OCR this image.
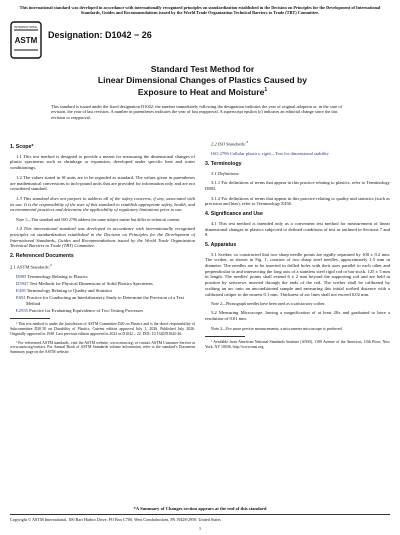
This international standard was developed in accordance with internationally recognized principles on standardization established in the Decision on Principles for the Development of International Standards, Guides and Recommendations issued by the World Trade Organization Technical Barriers to Trade (TBT) Committee.
ASTM
INTERNATIONAL
Designation: D1042 − 26
Standard Test Method for
Linear Dimensional Changes of Plastics Caused by
Exposure to Heat and Moisture$^1$
This standard is issued under the fixed designation D1042; the number immediately following the designation indicates the year of original adoption or, in the case of revision, the year of last revision. A number in parentheses indicates the year of last reapproval. A superscript epsilon (ε) indicates an editorial change since the last revision or reapproval.
1. Scope*

1.1 This test method is designed to provide a means for measuring the dimensional changes of plastic specimens such as shrinkage or expansion, developed under specific heat and water conditionings.

1.2 The values stated in SI units are to be regarded as standard. The values given in parentheses are mathematical conversions to inch-pound units that are provided for information only and are not considered standard.

1.3 This standard does not purport to address all of the safety concerns, if any, associated with its use. It is the responsibility of the user of this standard to establish appropriate safety, health, and environmental practices and determine the applicability of regulatory limitations prior to use.

Note 1—This standard and ISO 2796 address the same subject matter but differ in technical content.

1.4 This international standard was developed in accordance with internationally recognized principles on standardization established in the Decision on Principles for the Development of International Standards, Guides and Recommendations issued by the World Trade Organization Technical Barriers to Trade (TBT) Committee.

2. Referenced Documents

2.1 ASTM Standards:$^2$

D883 Terminology Relating to Plastics
D5947 Test Methods for Physical Dimensions of Solid Plastics Specimens
E456 Terminology Relating to Quality and Statistics
E691 Practice for Conducting an Interlaboratory Study to Determine the Precision of a Test Method
E2935 Practice for Evaluating Equivalence of Two Testing Processes

¹ This test method is under the jurisdiction of ASTM Committee D20 on Plastics and is the direct responsibility of Subcommittee D20.50 on Durability of Plastics. Current edition approved July 1, 2026. Published July 2026. Originally approved in 1949. Last previous edition approved in 2022 as D1042 – 22. DOI: 10.1520/D1042-26.

² For referenced ASTM standards, visit the ASTM website, www.astm.org, or contact ASTM Customer Service at www.astm.org/contact. For Annual Book of ASTM Standards volume information, refer to the standard's Document Summary page on the ASTM website.

2.2 ISO Standards:$^3$

ISO 2796 Cellular plastics, rigid—Test for dimensional stability
3. Terminology

3.1 Definitions:

3.1.1 For definitions of terms that appear in this practice relating to plastics, refer to Terminology D883.

3.1.2 For definitions of terms that appear in this practice relating to quality and statistics (such as precision and bias), refer to Terminology E456.

4. Significance and Use

4.1 This test method is intended only as a convenient test method for measurement of linear dimensional changes in plastics subjected to defined conditions of test as outlined in Sections 7 and 8.

5. Apparatus

5.1 Scriber, so constructed that two sharp needle points are rigidly separated by 100 ± 0.2 mm. The scriber, as shown in Fig. 1, consists of two sharp steel needles, approximately 1.5 mm in diameter. The needles are to be inserted in drilled holes with their axes parallel to each other and perpendicular to and intersecting the long axis of a stainless steel rigid rod or bar stock, 125 ± 5 mm in length. The needles' points shall extend 6 ± 2 mm beyond the supporting rod and are held in position by setscrews inserted through the ends of the rod. The scriber shall be calibrated by scribing an arc onto an unconditioned sample and measuring this initial scribed distance with a calibrated caliper to the nearest 0.1 mm. Thickness of arc lines shall not exceed 0.02 mm.

Note 2—Phonograph needles have been used as a satisfactory scriber.

5.2 Measuring Microscope, having a magnification of at least 20x and graduated to have a resolution of 0.01 mm.

Note 3—For more precise measurements, a micrometer microscope is preferred.

³ Available from American National Standards Institute (ANSI), 1180 Avenue of the Americas, 10th Floor, New York, NY 10036, http://www.ansi.org.

*A Summary of Changes section appears at the end of this standard
Copyright © ASTM International, 100 Barr Harbor Drive, PO Box C700, West Conshohocken, PA 19428-2959. United States
1
